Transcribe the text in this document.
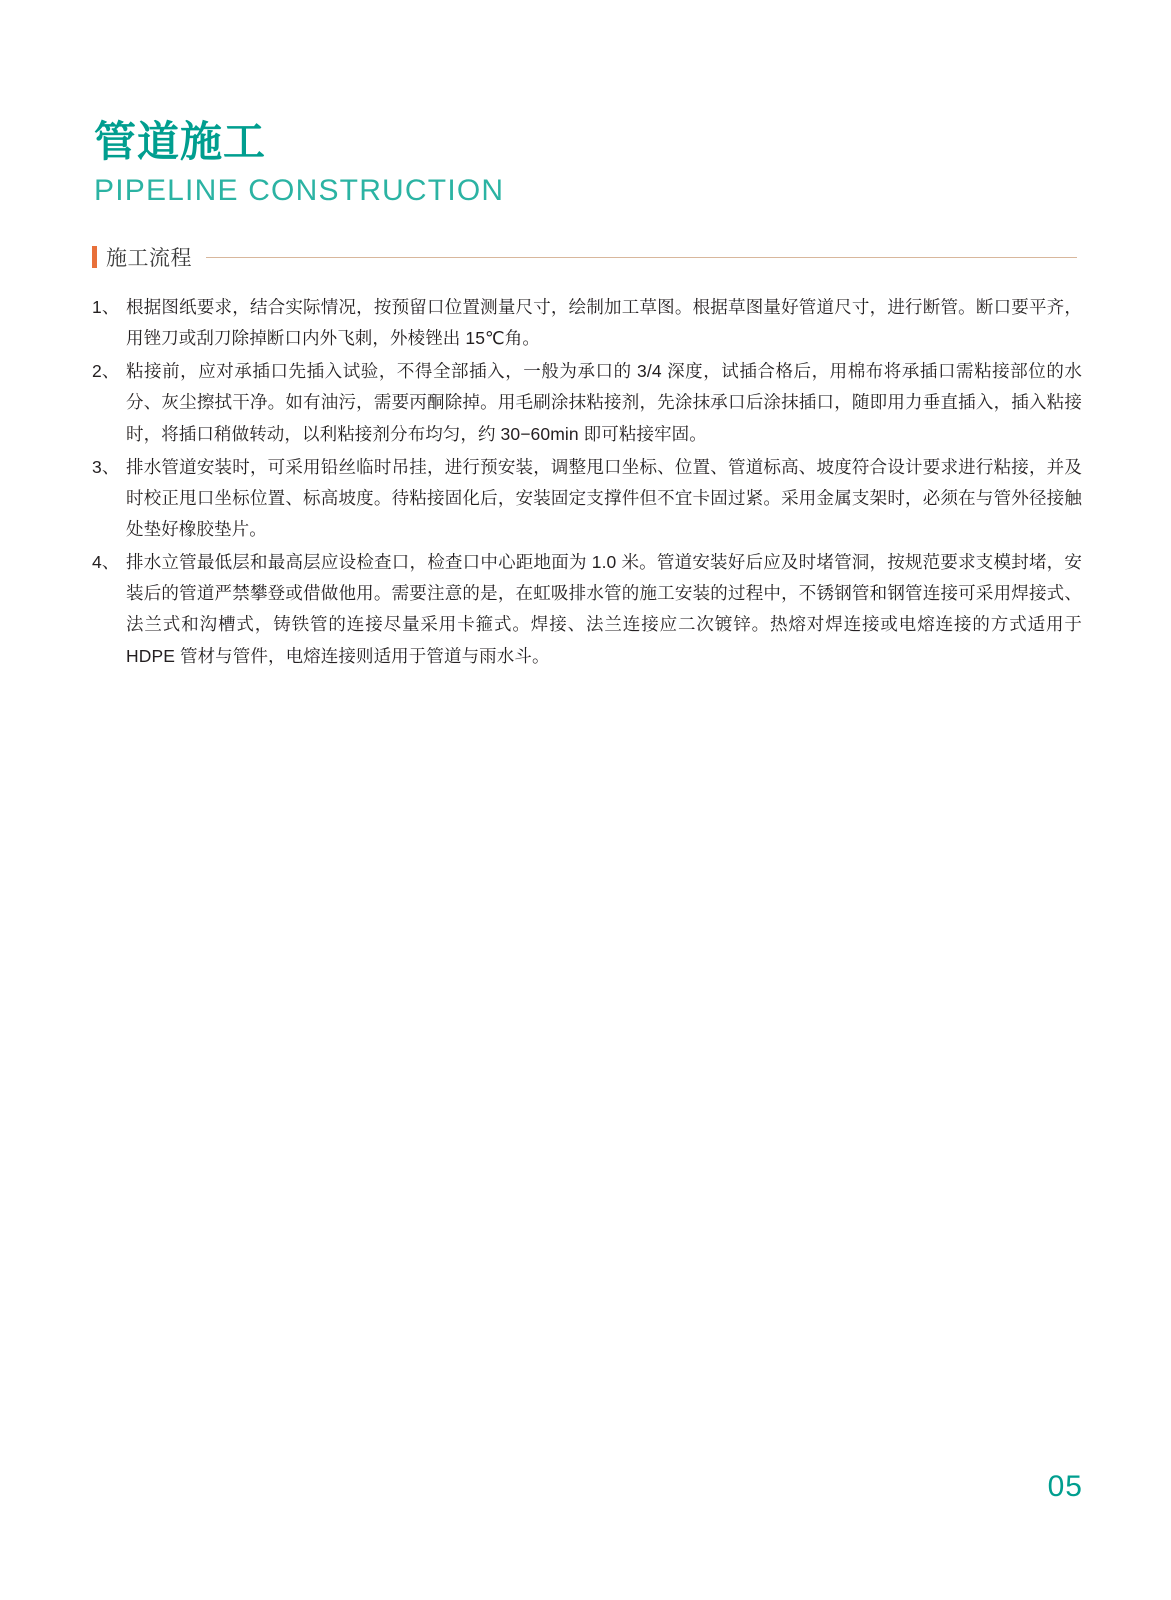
管道施工
PIPELINE CONSTRUCTION
施工流程
1、 根据图纸要求，结合实际情况，按预留口位置测量尺寸，绘制加工草图。根据草图量好管道尺寸，进行断管。断口要平齐，用锉刀或刮刀除掉断口内外飞刺，外棱锉出 15℃角。
2、 粘接前，应对承插口先插入试验，不得全部插入，一般为承口的 3/4 深度，试插合格后，用棉布将承插口需粘接部位的水分、灰尘擦拭干净。如有油污，需要丙酮除掉。用毛刷涂抹粘接剂，先涂抹承口后涂抹插口，随即用力垂直插入，插入粘接时，将插口稍做转动，以利粘接剂分布均匀，约 30−60min 即可粘接牢固。
3、 排水管道安装时，可采用铅丝临时吊挂，进行预安装，调整甩口坐标、位置、管道标高、坡度符合设计要求进行粘接，并及时校正甩口坐标位置、标高坡度。待粘接固化后，安装固定支撑件但不宜卡固过紧。采用金属支架时，必须在与管外径接触处垫好橡胶垫片。
4、 排水立管最低层和最高层应设检查口，检查口中心距地面为 1.0 米。管道安装好后应及时堵管洞，按规范要求支模封堵，安装后的管道严禁攀登或借做他用。需要注意的是，在虹吸排水管的施工安装的过程中，不锈钢管和钢管连接可采用焊接式、法兰式和沟槽式，铸铁管的连接尽量采用卡箍式。焊接、法兰连接应二次镀锌。热熔对焊连接或电熔连接的方式适用于 HDPE 管材与管件，电熔连接则适用于管道与雨水斗。
05
